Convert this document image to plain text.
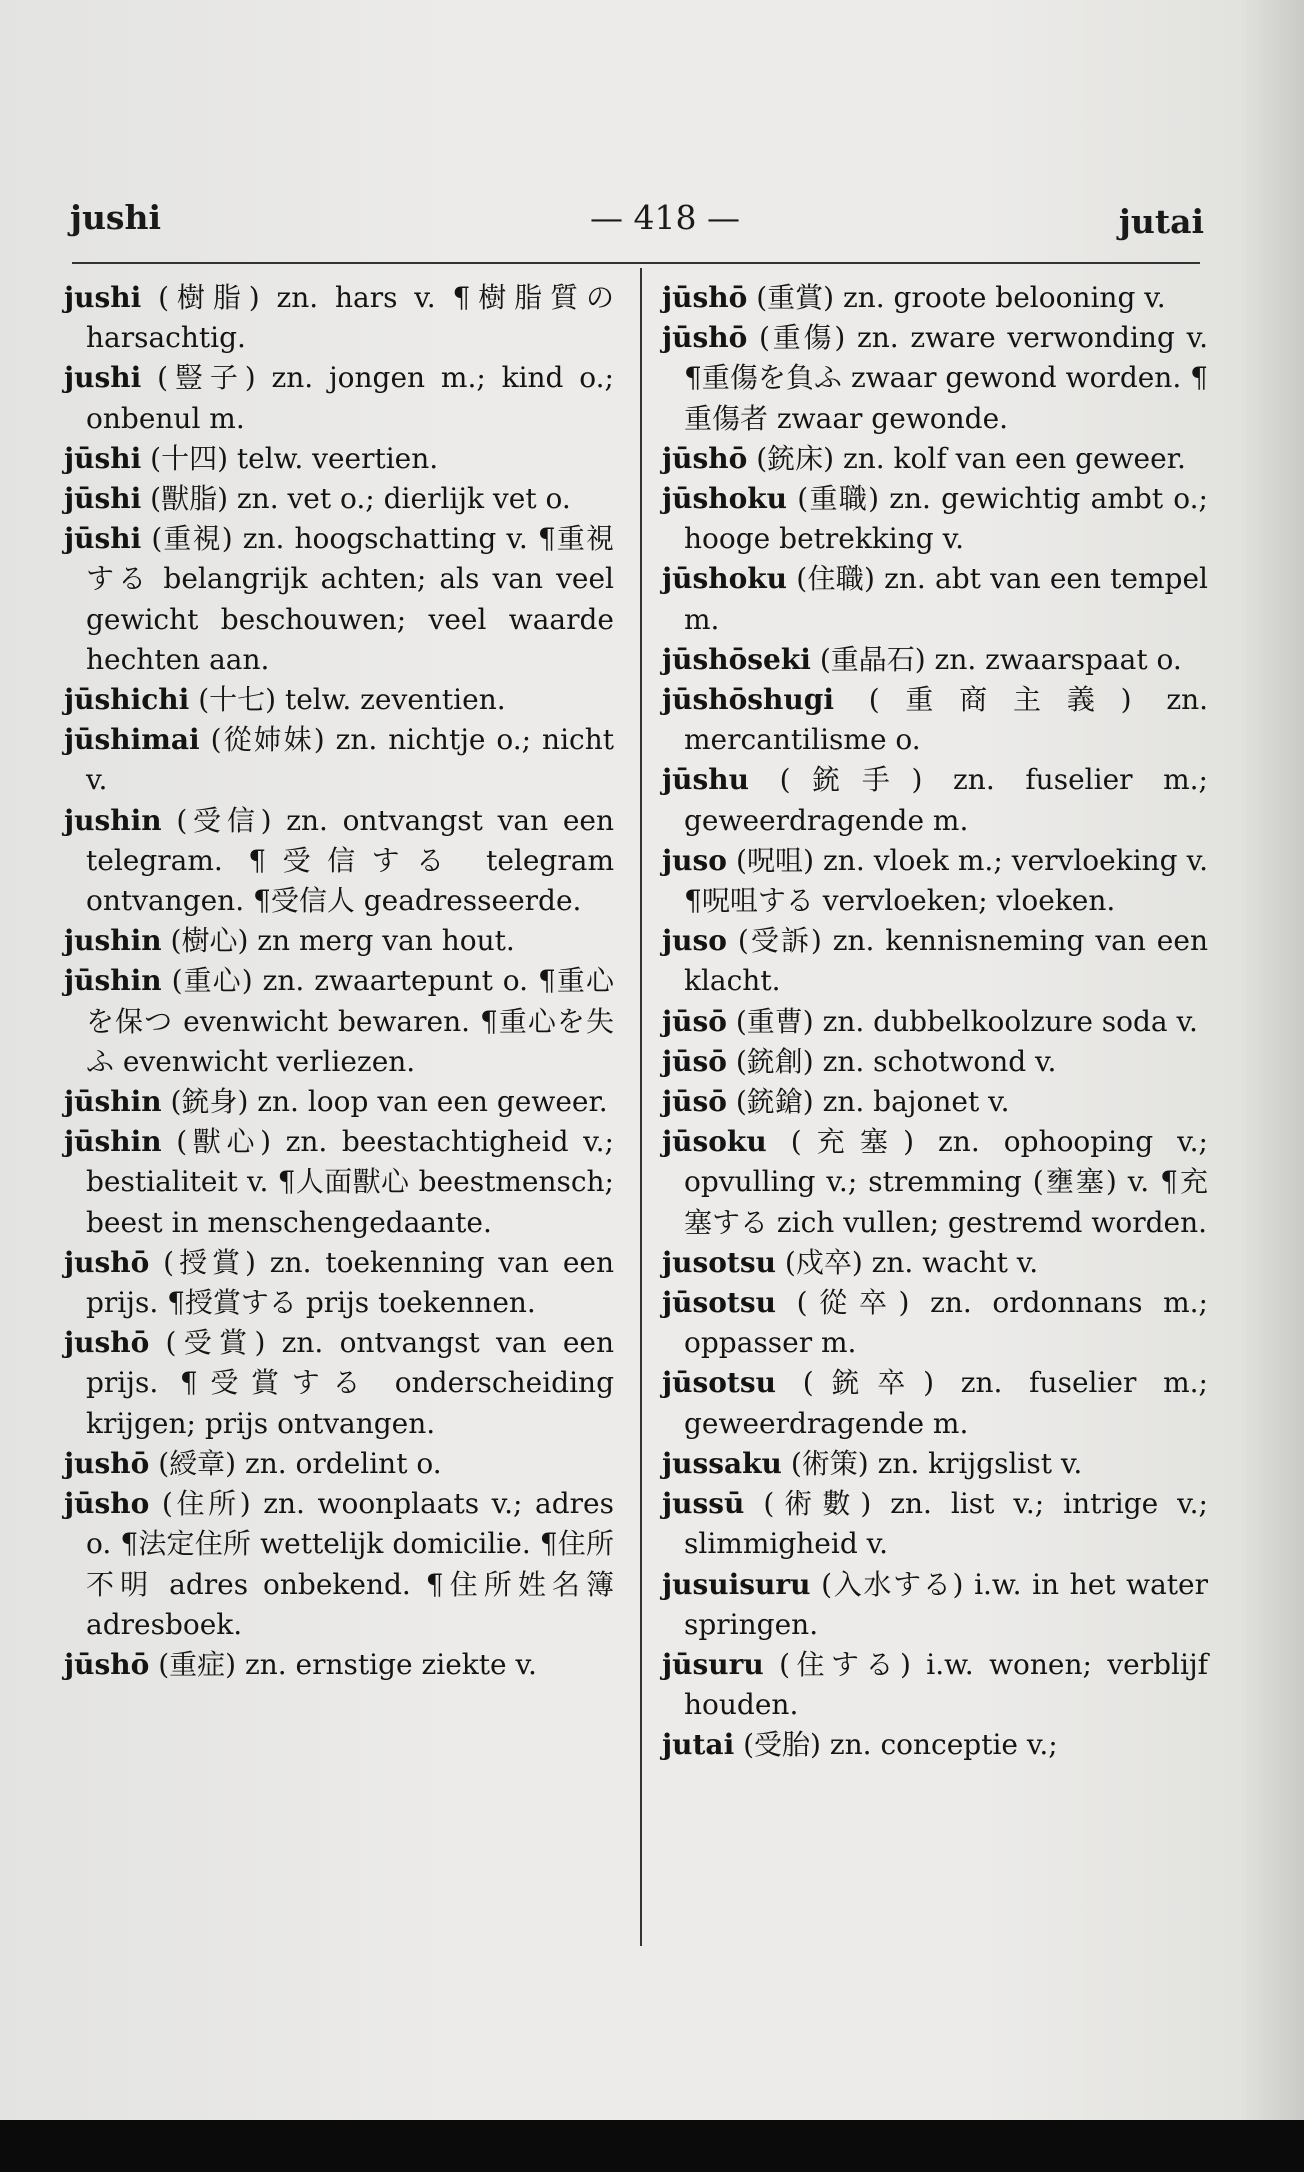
jushi	— 418 —	jutai

jushi (樹脂) zn. hars v. ¶樹脂質の harsachtig.

jushi (豎子) zn. jongen m.; kind o.; onbenul m.

jūshi (十四) telw. veertien.

jūshi (獸脂) zn. vet o.; dierlijk vet o.

jūshi (重視) zn. hoogschatting v. ¶重視する belangrijk achten; als van veel gewicht beschouwen; veel waarde hechten aan.

jūshichi (十七) telw. zeventien.

jūshimai (從姉妹) zn. nichtje o.; nicht v.

jushin (受信) zn. ontvangst van een telegram. ¶受信する telegram ontvangen. ¶受信人 geadresseerde.

jushin (樹心) zn merg van hout.

jūshin (重心) zn. zwaartepunt o. ¶重心を保つ evenwicht bewaren. ¶重心を失ふ evenwicht verliezen.

jūshin (銃身) zn. loop van een geweer.

jūshin (獸心) zn. beestachtigheid v.; bestialiteit v. ¶人面獸心 beestmensch; beest in menschengedaante.

jushō (授賞) zn. toekenning van een prijs. ¶授賞する prijs toekennen.

jushō (受賞) zn. ontvangst van een prijs. ¶受賞する onderscheiding krijgen; prijs ontvangen.

jushō (綬章) zn. ordelint o.

jūsho (住所) zn. woonplaats v.; adres o. ¶法定住所 wettelijk domicilie. ¶住所不明 adres onbekend. ¶住所姓名簿 adresboek.

jūshō (重症) zn. ernstige ziekte v.

jūshō (重賞) zn. groote belooning v.

jūshō (重傷) zn. zware verwonding v. ¶重傷を負ふ zwaar gewond worden. ¶重傷者 zwaar gewonde.

jūshō (銃床) zn. kolf van een geweer.

jūshoku (重職) zn. gewichtig ambt o.; hooge betrekking v.

jūshoku (住職) zn. abt van een tempel m.

jūshōseki (重晶石) zn. zwaarspaat o.

jūshōshugi (重商主義) zn. mercantilisme o.

jūshu (銃手) zn. fuselier m.; geweerdragende m.

juso (呪咀) zn. vloek m.; vervloeking v. ¶呪咀する vervloeken; vloeken.

juso (受訴) zn. kennisneming van een klacht.

jūsō (重曹) zn. dubbelkoolzure soda v.

jūsō (銃創) zn. schotwond v.

jūsō (銃鎗) zn. bajonet v.

jūsoku (充塞) zn. ophooping v.; opvulling v.; stremming (壅塞) v. ¶充塞する zich vullen; gestremd worden.

jusotsu (戍卒) zn. wacht v.

jūsotsu (從卒) zn. ordonnans m.; oppasser m.

jūsotsu (銃卒) zn. fuselier m.; geweerdragende m.

jussaku (術策) zn. krijgslist v.

jussū (術數) zn. list v.; intrige v.; slimmigheid v.

jusuisuru (入水する) i.w. in het water springen.

jūsuru (住する) i.w. wonen; verblijf houden.

jutai (受胎) zn. conceptie v.;
